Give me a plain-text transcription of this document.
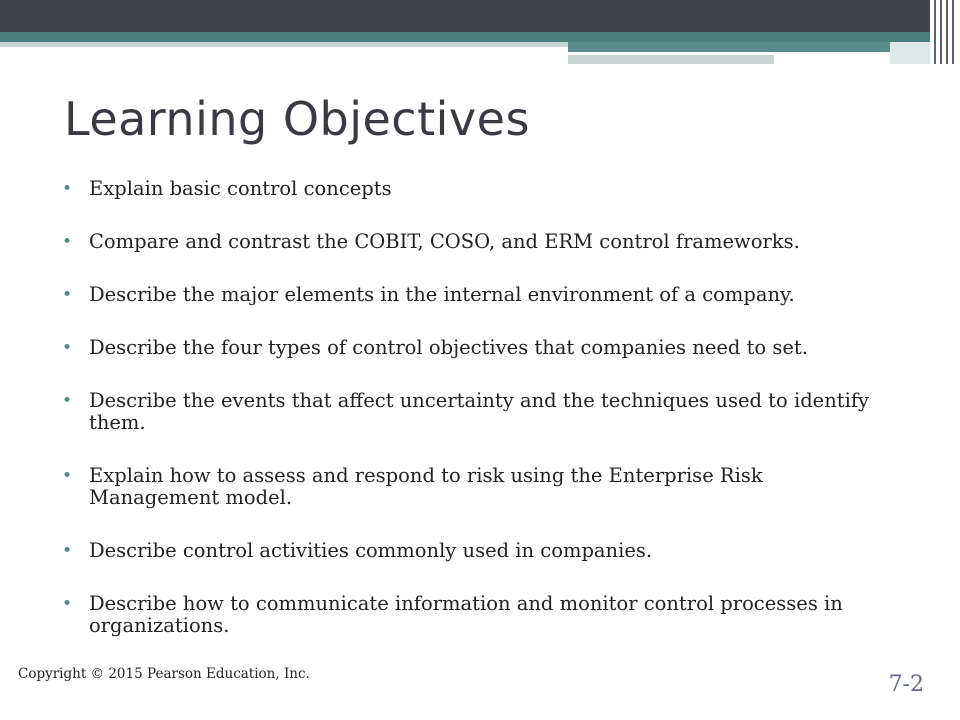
Learning Objectives
• Explain basic control concepts
• Compare and contrast the COBIT, COSO, and ERM control frameworks.
• Describe the major elements in the internal environment of a company.
• Describe the four types of control objectives that companies need to set.
• Describe the events that affect uncertainty and the techniques used to identify them.
• Explain how to assess and respond to risk using the Enterprise Risk Management model.
• Describe control activities commonly used in companies.
• Describe how to communicate information and monitor control processes in organizations.
Copyright © 2015 Pearson Education, Inc.	7-2
